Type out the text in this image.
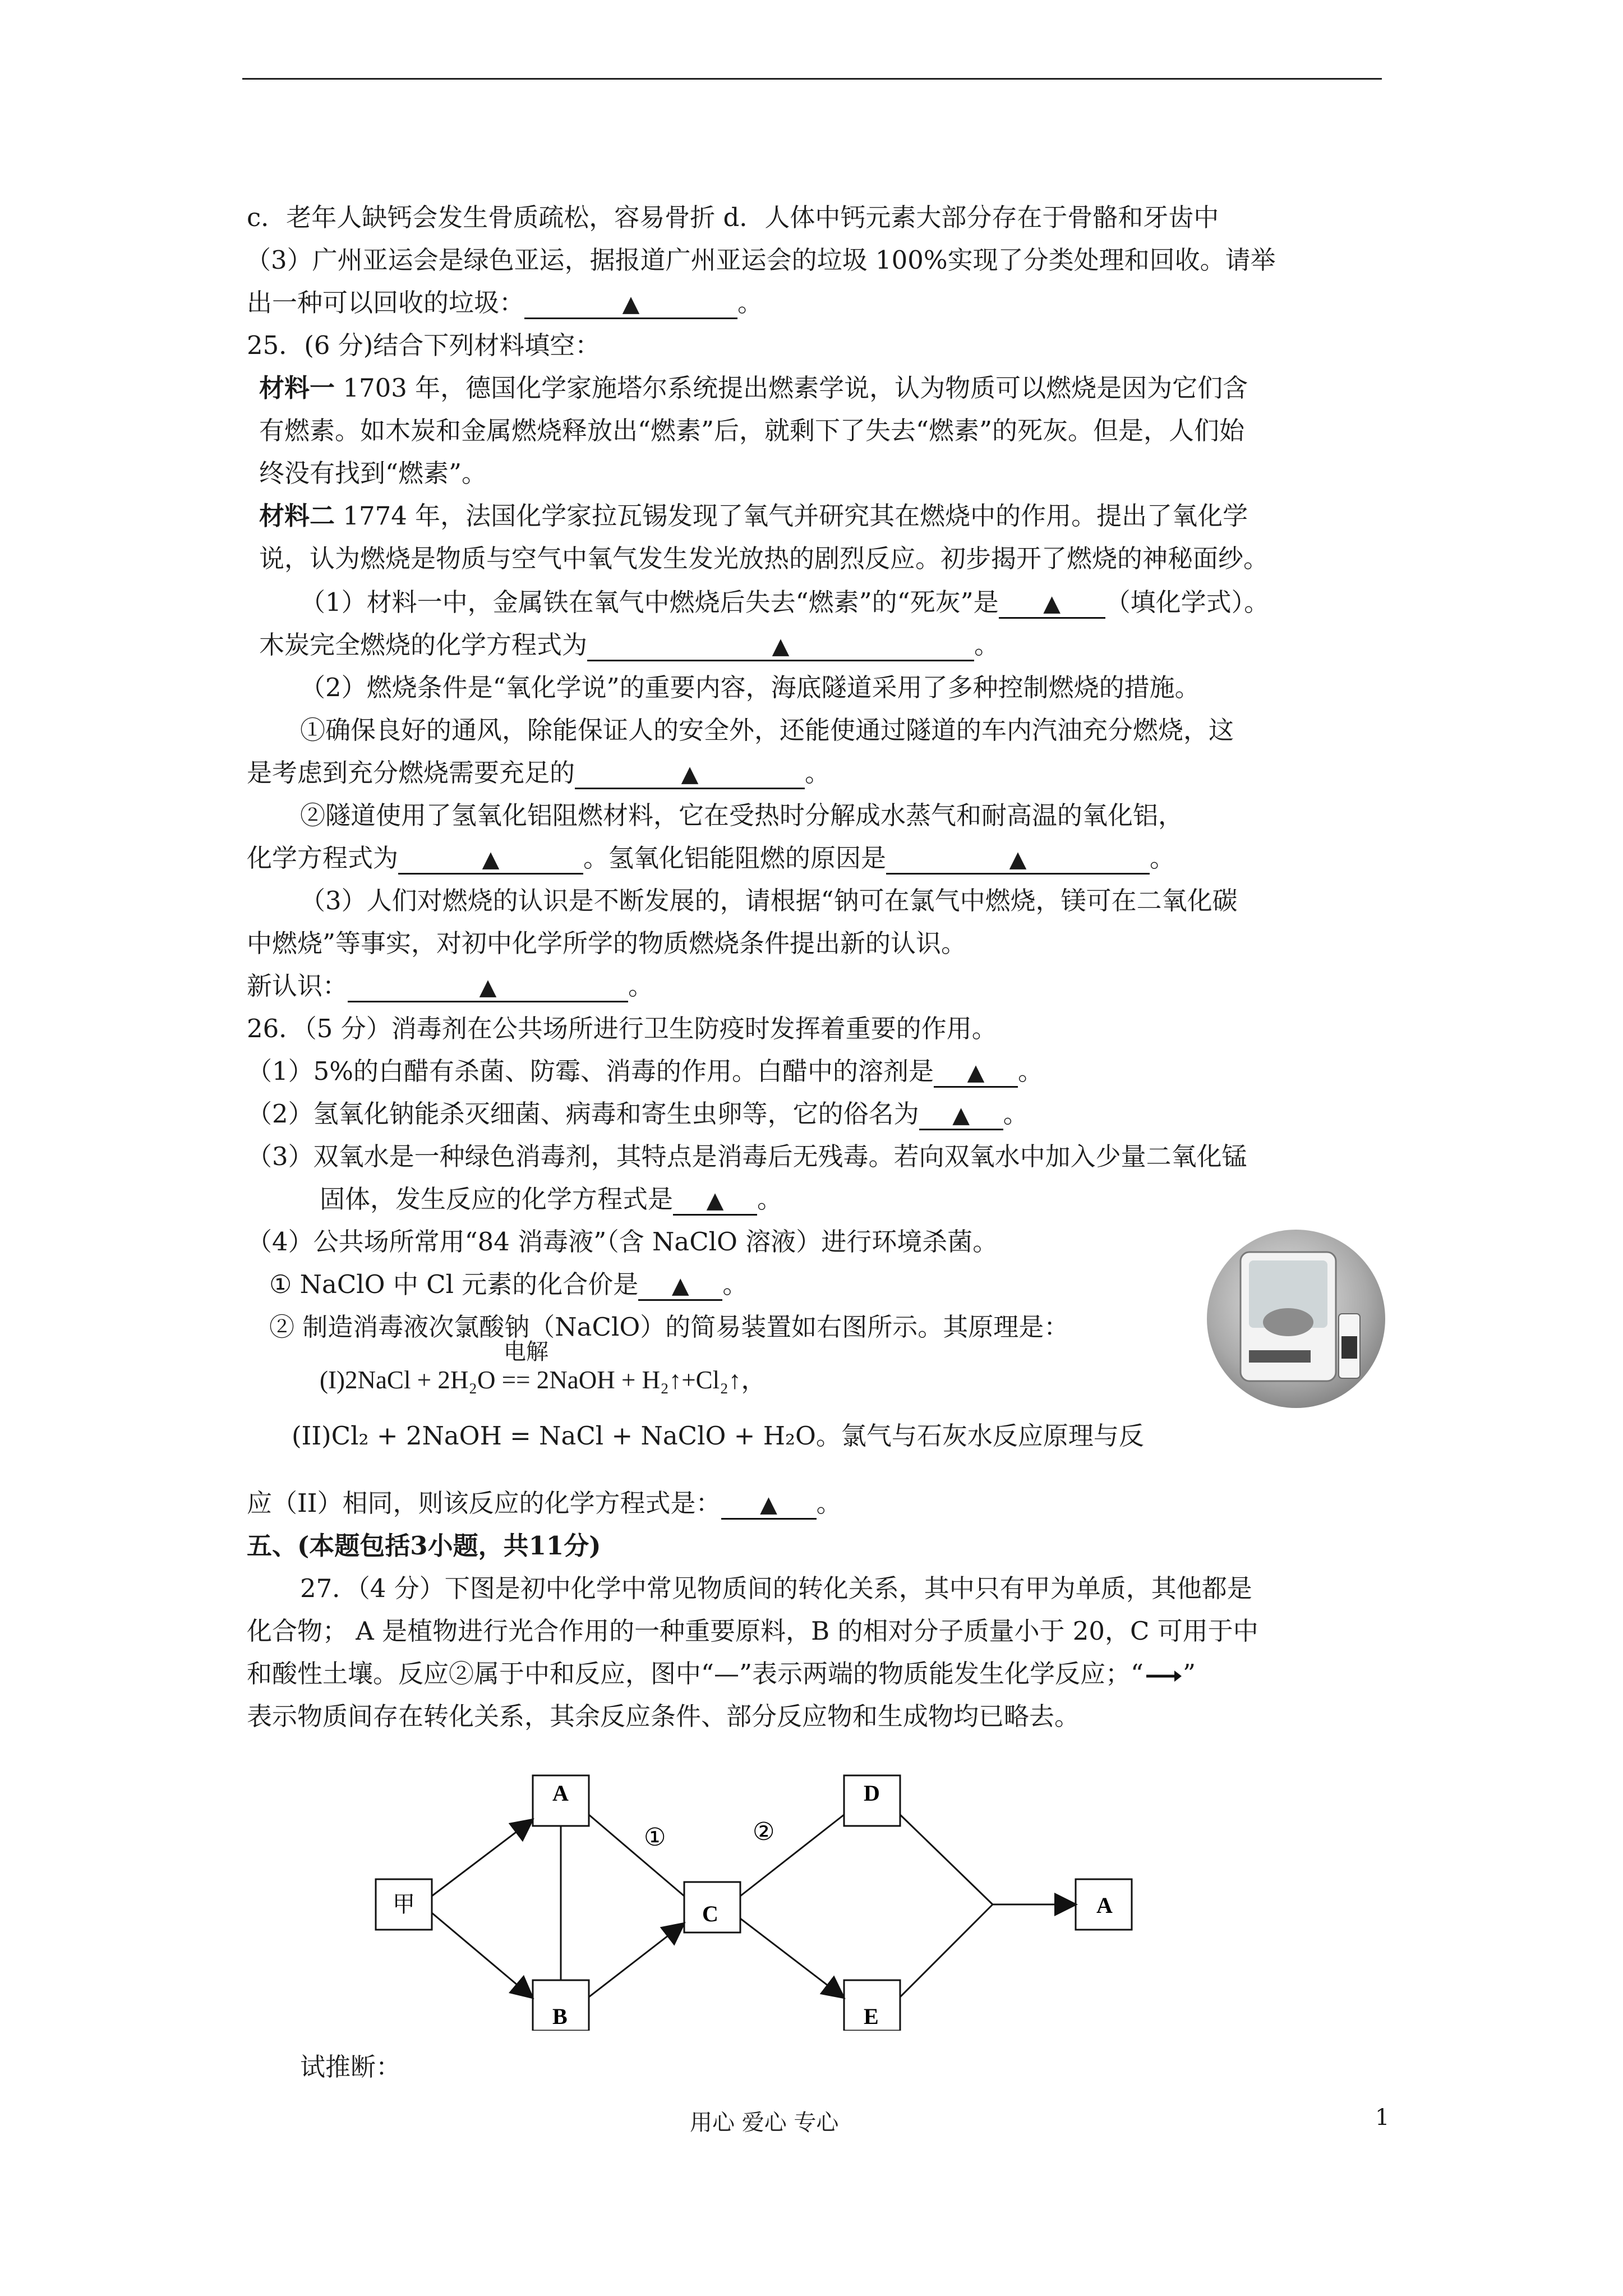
c．老年人缺钙会发生骨质疏松，容易骨折 d．人体中钙元素大部分存在于骨骼和牙齿中
（3）广州亚运会是绿色亚运，据报道广州亚运会的垃圾 100%实现了分类处理和回收。请举
出一种可以回收的垃圾：	▲	。
25．(6 分)结合下列材料填空：
材料一 1703 年，德国化学家施塔尔系统提出燃素学说，认为物质可以燃烧是因为它们含
有燃素。如木炭和金属燃烧释放出“燃素”后，就剩下了失去“燃素”的死灰。但是，人们始
终没有找到“燃素”。
材料二 1774 年，法国化学家拉瓦锡发现了氧气并研究其在燃烧中的作用。提出了氧化学
说，认为燃烧是物质与空气中氧气发生发光放热的剧烈反应。初步揭开了燃烧的神秘面纱。
（1）材料一中，金属铁在氧气中燃烧后失去“燃素”的“死灰”是 ▲ （填化学式）。
木炭完全燃烧的化学方程式为	▲	。
（2）燃烧条件是“氧化学说”的重要内容，海底隧道采用了多种控制燃烧的措施。
①确保良好的通风，除能保证人的安全外，还能使通过隧道的车内汽油充分燃烧，这
是考虑到充分燃烧需要充足的	▲	。
②隧道使用了氢氧化铝阻燃材料，它在受热时分解成水蒸气和耐高温的氧化铝，
化学方程式为	▲	。氢氧化铝能阻燃的原因是	▲	。
（3）人们对燃烧的认识是不断发展的，请根据“钠可在氯气中燃烧，镁可在二氧化碳
中燃烧”等事实，对初中化学所学的物质燃烧条件提出新的认识。
新认识：	▲	。
26．（5 分）消毒剂在公共场所进行卫生防疫时发挥着重要的作用。
（1）5%的白醋有杀菌、防霉、消毒的作用。白醋中的溶剂是 ▲ 。
（2）氢氧化钠能杀灭细菌、病毒和寄生虫卵等，它的俗名为 ▲ 。
（3）双氧水是一种绿色消毒剂，其特点是消毒后无残毒。若向双氧水中加入少量二氧化锰
固体，发生反应的化学方程式是 ▲ 。
（4）公共场所常用“84 消毒液”（含 NaClO 溶液）进行环境杀菌。
① NaClO 中 Cl 元素的化合价是 ▲ 。
② 制造消毒液次氯酸钠（NaClO）的简易装置如右图所示。其原理是：
电解
(I)2NaCl + 2H₂O == 2NaOH + H₂↑+Cl₂↑，
(II)Cl₂ + 2NaOH = NaCl + NaClO + H₂O。氯气与石灰水反应原理与反
应（II）相同，则该反应的化学方程式是： ▲ 。
五、(本题包括3小题，共11分)
27．（4 分）下图是初中化学中常见物质间的转化关系，其中只有甲为单质，其他都是
化合物； A 是植物进行光合作用的一种重要原料，B 的相对分子质量小于 20，C 可用于中
和酸性土壤。反应②属于中和反应，图中“—”表示两端的物质能发生化学反应；“ ”
表示物质间存在转化关系，其余反应条件、部分反应物和生成物均已略去。
甲
A
B
C
D
E
A
①	②
试推断：
用心 爱心 专心	1
